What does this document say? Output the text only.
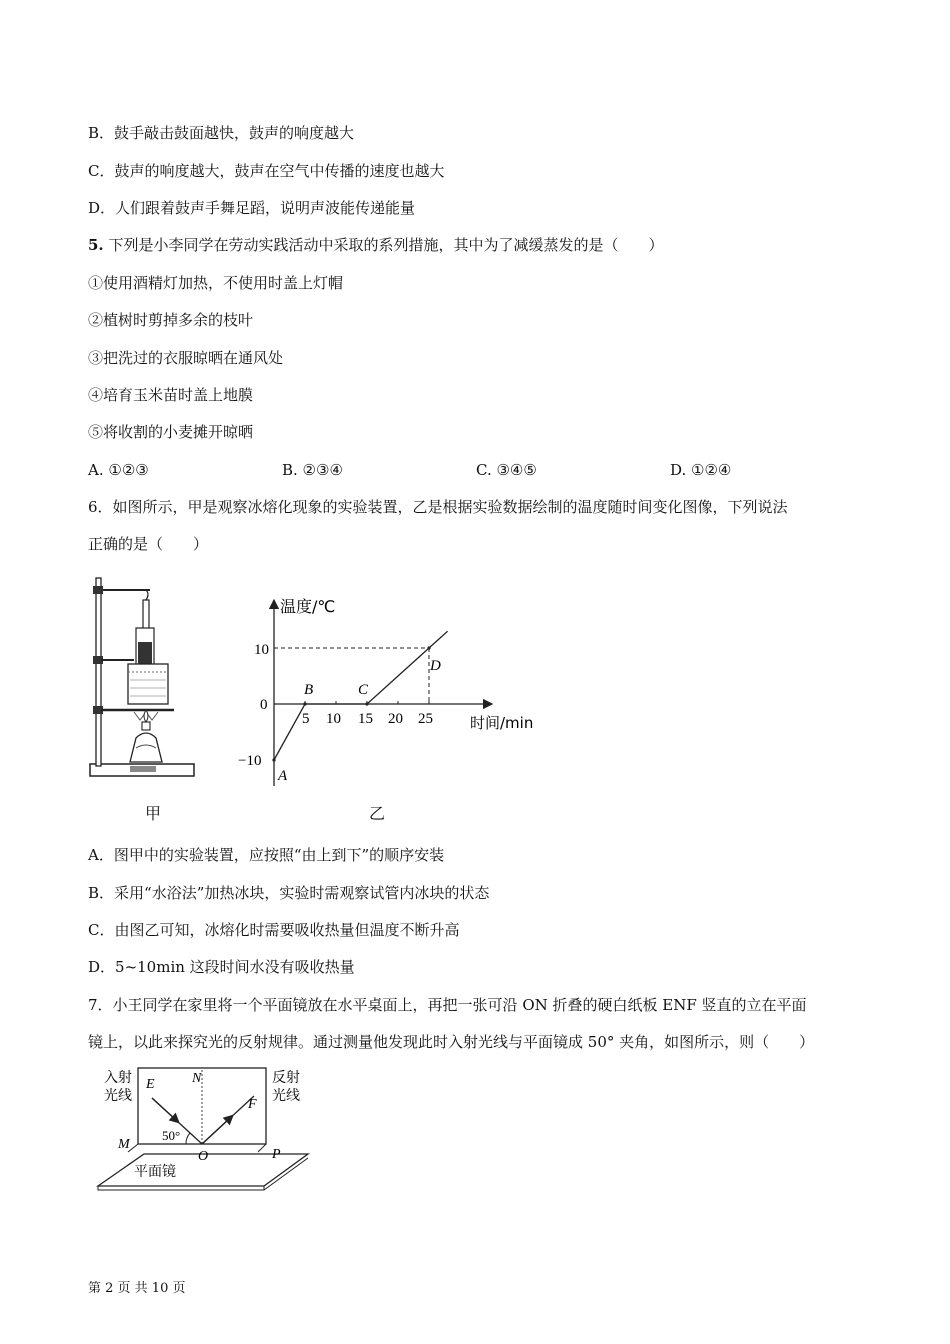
B．鼓手敲击鼓面越快，鼓声的响度越大
C．鼓声的响度越大，鼓声在空气中传播的速度也越大
D．人们跟着鼓声手舞足蹈，说明声波能传递能量
5. 下列是小李同学在劳动实践活动中采取的系列措施，其中为了减缓蒸发的是（　　）
①使用酒精灯加热，不使用时盖上灯帽
②植树时剪掉多余的枝叶
③把洗过的衣服晾晒在通风处
④培育玉米苗时盖上地膜
⑤将收割的小麦摊开晾晒
A. ①②③	B. ②③④	C. ③④⑤	D. ①②④
6．如图所示，甲是观察冰熔化现象的实验装置，乙是根据实验数据绘制的温度随时间变化图像，下列说法
正确的是（　　）
甲
温度/℃
时间/min
10
0
−10
5 10 15 20 25
A
B	C
D
乙
A．图甲中的实验装置，应按照“由上到下”的顺序安装
B．采用“水浴法”加热冰块，实验时需观察试管内冰块的状态
C．由图乙可知，冰熔化时需要吸收热量但温度不断升高
D．5~10min 这段时间水没有吸收热量
7．小王同学在家里将一个平面镜放在水平桌面上，再把一张可沿 ON 折叠的硬白纸板 ENF 竖直的立在平面
镜上，以此来探究光的反射规律。通过测量他发现此时入射光线与平面镜成 50° 夹角，如图所示，则（　　）
入射
光线
反射
光线
E	N
F
M
O	P
50°
平面镜
第 2 页 共 10 页
